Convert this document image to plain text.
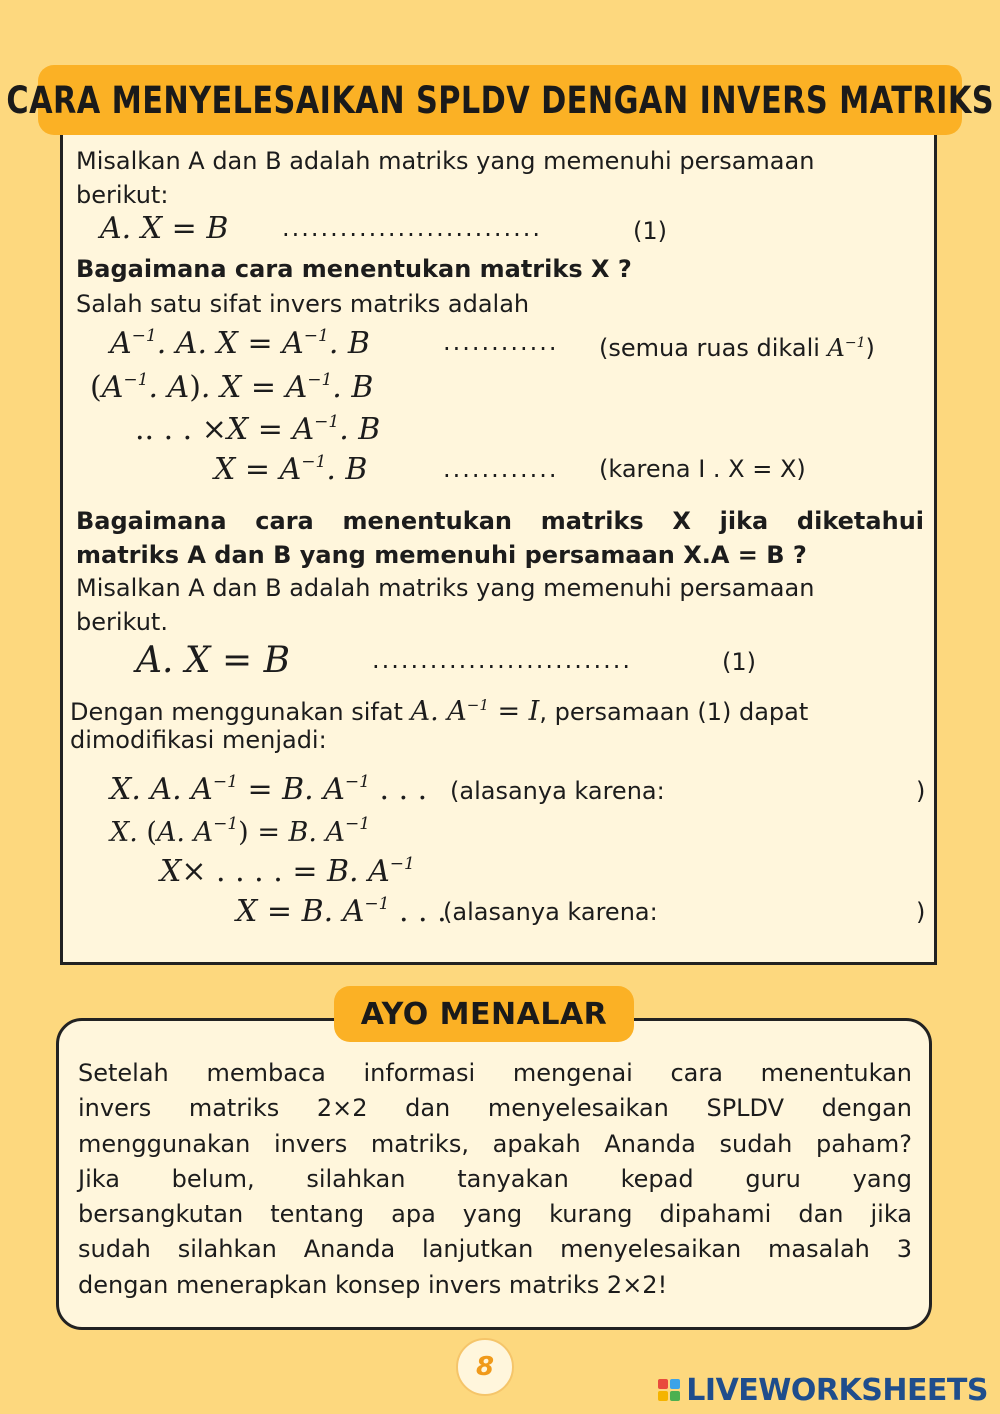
CARA MENYELESAIKAN SPLDV DENGAN INVERS MATRIKS
Misalkan A dan B adalah matriks yang memenuhi persamaan
berikut:
A. X = B ...........................	(1)
Bagaimana cara menentukan matriks X ?
Salah satu sifat invers matriks adalah
$A^{-1}$. A. $X = A^{-1}$. B	............ (semua ruas dikali $A^{-1}$)
($A^{-1}$. A). $X = A^{-1}$. B
.. . . $\times X = A^{-1}$. B
$X = A^{-1}$. B	............ (karena I . X = X)
Bagaimana cara menentukan matriks X jika diketahui
matriks A dan B yang memenuhi persamaan X.A = B ?
Misalkan A dan B adalah matriks yang memenuhi persamaan
berikut.
A. X = B	...........................	(1)
Dengan menggunakan sifat A. $A^{-1} = I$, persamaan (1) dapat
dimodifikasi menjadi:
X. A. $A^{-1} = B$. $A^{-1}$ . . . (alasanya karena:	)
X. (A. $A^{-1}) = B$. $A^{-1}$
X× . . . . = B. $A^{-1}$
X = B. $A^{-1}$ . . .
(alasanya karena:	)
AYO MENALAR
Setelah membaca informasi mengenai cara menentukan
invers matriks 2×2 dan menyelesaikan SPLDV dengan
menggunakan invers matriks, apakah Ananda sudah paham?
Jika belum, silahkan tanyakan kepad guru yang
bersangkutan tentang apa yang kurang dipahami dan jika
sudah silahkan Ananda lanjutkan menyelesaikan masalah 3
dengan menerapkan konsep invers matriks 2×2!
8
LIVEWORKSHEETS
